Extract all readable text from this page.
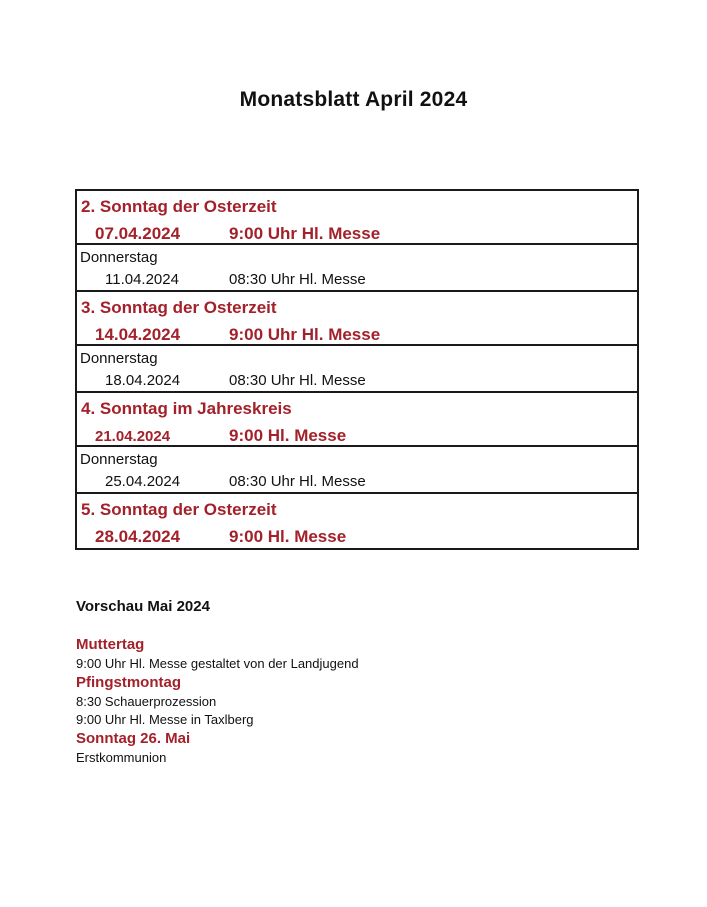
Monatsblatt April 2024
2. Sonntag der Osterzeit
07.04.2024	9:00 Uhr Hl. Messe
Donnerstag
11.04.2024	08:30 Uhr Hl. Messe
3. Sonntag der Osterzeit
14.04.2024	9:00 Uhr Hl. Messe
Donnerstag
18.04.2024	08:30 Uhr Hl. Messe
4. Sonntag im Jahreskreis
21.04.2024	9:00 Hl. Messe
Donnerstag
25.04.2024	08:30 Uhr Hl. Messe
5. Sonntag der Osterzeit
28.04.2024	9:00 Hl. Messe
Vorschau Mai 2024
Muttertag
9:00 Uhr Hl. Messe gestaltet von der Landjugend
Pfingstmontag
8:30 Schauerprozession
9:00 Uhr Hl. Messe in Taxlberg
Sonntag 26. Mai
Erstkommunion
